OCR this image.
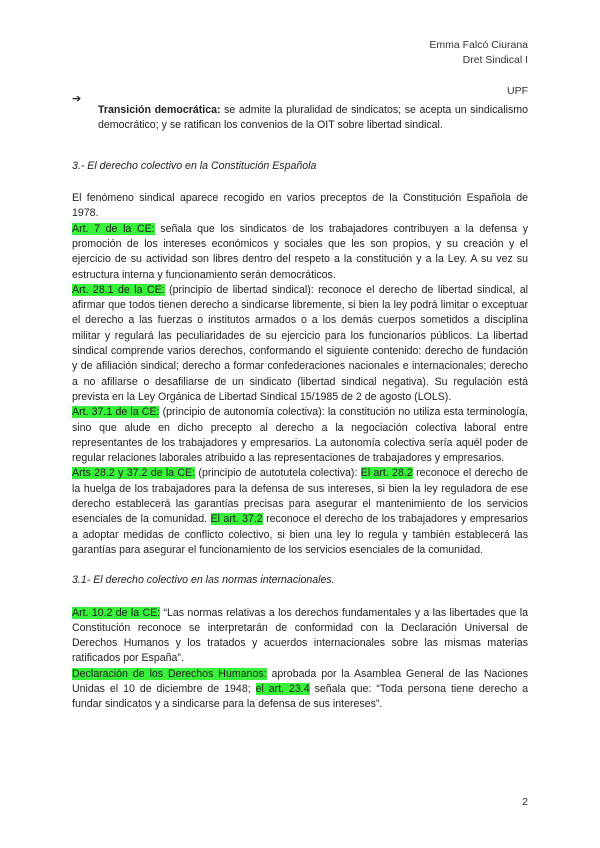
Emma Falcó Ciurana
Dret Sindical I
UPF
➔

Transición democrática: se admite la pluralidad de sindicatos; se acepta un sindicalismo democrático; y se ratifican los convenios de la OIT sobre libertad sindical.

3.- El derecho colectivo en la Constitución Española

El fenómeno sindical aparece recogido en varios preceptos de la Constitución Española de 1978.

Art. 7 de la CE: señala que los sindicatos de los trabajadores contribuyen a la defensa y promoción de los intereses económicos y sociales que les son propios, y su creación y el ejercicio de su actividad son libres dentro del respeto a la constitución y a la Ley. A su vez su estructura interna y funcionamiento serán democráticos.

Art. 28.1 de la CE: (principio de libertad sindical): reconoce el derecho de libertad sindical, al afirmar que todos tienen derecho a sindicarse libremente, si bien la ley podrá limitar o exceptuar el derecho a las fuerzas o institutos armados o a los demás cuerpos sometidos a disciplina militar y regulará las peculiaridades de su ejercicio para los funcionarios públicos. La libertad sindical comprende varios derechos, conformando el siguiente contenido: derecho de fundación y de afiliación sindical; derecho a formar confederaciones nacionales e internacionales; derecho a no afiliarse o desafiliarse de un sindicato (libertad sindical negativa). Su regulación está prevista en la Ley Orgánica de Libertad Sindical 15/1985 de 2 de agosto (LOLS).

Art. 37.1 de la CE: (principio de autonomía colectiva): la constitución no utiliza esta terminología, sino que alude en dicho precepto al derecho a la negociación colectiva laboral entre representantes de los trabajadores y empresarios. La autonomía colectiva sería aquél poder de regular relaciones laborales atribuido a las representaciones de trabajadores y empresarios.

Arts 28.2 y 37.2 de la CE: (principio de autotutela colectiva): El art. 28.2 reconoce el derecho de la huelga de los trabajadores para la defensa de sus intereses, si bien la ley reguladora de ese derecho establecerá las garantías precisas para asegurar el mantenimiento de los servicios esenciales de la comunidad. El art. 37.2 reconoce el derecho de los trabajadores y empresarios a adoptar medidas de conflicto colectivo, si bien una ley lo regula y también establecerá las garantías para asegurar el funcionamiento de los servicios esenciales de la comunidad.

3.1- El derecho colectivo en las normas internacionales.

Art. 10.2 de la CE: “Las normas relativas a los derechos fundamentales y a las libertades que la Constitución reconoce se interpretarán de conformidad con la Declaración Universal de Derechos Humanos y los tratados y acuerdos internacionales sobre las mismas materias ratificados por España”.

Declaración de los Derechos Humanos: aprobada por la Asamblea General de las Naciones Unidas el 10 de diciembre de 1948; el art. 23.4 señala que: “Toda persona tiene derecho a fundar sindicatos y a sindicarse para la defensa de sus intereses”.

2
